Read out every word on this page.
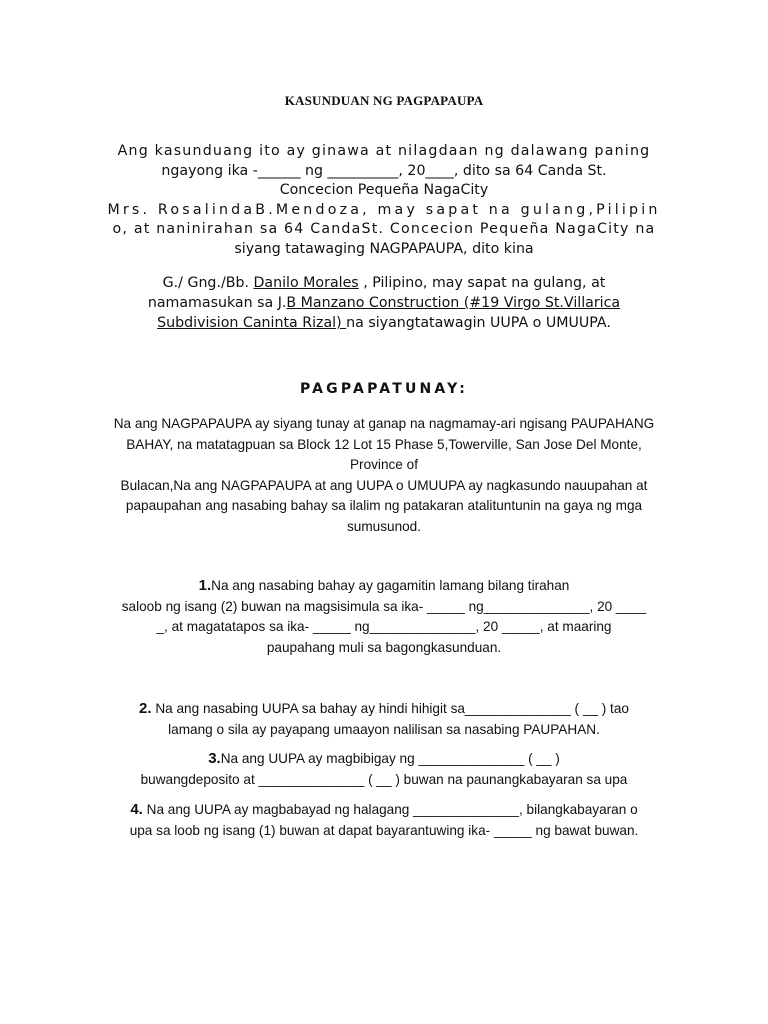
KASUNDUAN NG PAGPAPAUPA
Ang kasunduang ito ay ginawa at nilagdaan ng dalawang paning
ngayong ika -______ ng __________, 20____, dito sa 64 Canda St.
Concecion Pequeña NagaCity
Mrs. RosalindaB.Mendoza, may sapat na gulang,Pilipin
o, at naninirahan sa 64 CandaSt. Concecion Pequeña NagaCity na
siyang tatawaging NAGPAPAUPA, dito kina
G./ Gng./Bb. Danilo Morales , Pilipino, may sapat na gulang, at
namamasukan sa J.B Manzano Construction (#19 Virgo St.Villarica
Subdivision Caninta Rizal) na siyangtatawagin UUPA o UMUUPA.
PAGPAPATUNAY:
Na ang NAGPAPAUPA ay siyang tunay at ganap na nagmamay-ari ngisang PAUPAHANG
BAHAY, na matatagpuan sa Block 12 Lot 15 Phase 5,Towerville, San Jose Del Monte,
Province of
Bulacan,Na ang NAGPAPAUPA at ang UUPA o UMUUPA ay nagkasundo nauupahan at
papaupahan ang nasabing bahay sa ilalim ng patakaran atalituntunin na gaya ng mga
sumusunod.
1.Na ang nasabing bahay ay gagamitin lamang bilang tirahan
saloob ng isang (2) buwan na magsisimula sa ika- _____ ng______________, 20 ____
_, at magatatapos sa ika- _____ ng______________, 20 _____, at maaring
paupahang muli sa bagongkasunduan.
2. Na ang nasabing UUPA sa bahay ay hindi hihigit sa______________ ( __ ) tao
lamang o sila ay payapang umaayon nalilisan sa nasabing PAUPAHAN.
3.Na ang UUPA ay magbibigay ng ______________ ( __ )
buwangdeposito at ______________ ( __ ) buwan na paunangkabayaran sa upa
4. Na ang UUPA ay magbabayad ng halagang ______________, bilangkabayaran o
upa sa loob ng isang (1) buwan at dapat bayarantuwing ika- _____ ng bawat buwan.
